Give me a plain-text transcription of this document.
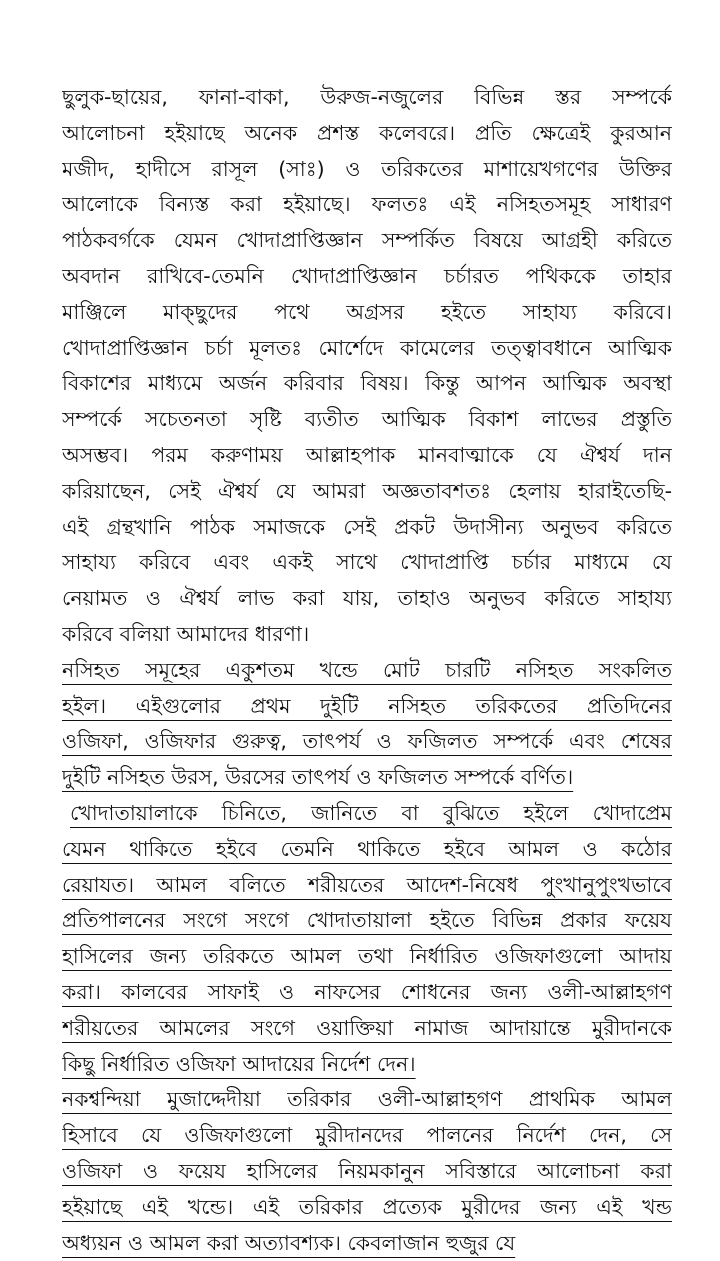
ছুলুক-ছায়ের, ফানা-বাকা, উরুজ-নজুলের বিভিন্ন স্তর সম্পর্কে

আলোচনা হইয়াছে অনেক প্রশস্ত কলেবরে। প্রতি ক্ষেত্রেই কুরআন

মজীদ, হাদীসে রাসূল (সাঃ) ও তরিকতের মাশায়েখগণের উক্তির

আলোকে বিন্যস্ত করা হইয়াছে। ফলতঃ এই নসিহতসমূহ সাধারণ

পাঠকবর্গকে যেমন খোদাপ্রাপ্তিজ্ঞান সম্পর্কিত বিষয়ে আগ্রহী করিতে

অবদান রাখিবে-তেমনি খোদাপ্রাপ্তিজ্ঞান চর্চারত পথিককে তাহার

মাঞ্জিলে মাক্ছুদের পথে অগ্রসর হইতে সাহায্য করিবে।

খোদাপ্রাপ্তিজ্ঞান চর্চা মূলতঃ মোর্শেদে কামেলের তত্ত্বাবধানে আত্মিক

বিকাশের মাধ্যমে অর্জন করিবার বিষয়। কিন্তু আপন আত্মিক অবস্থা

সম্পর্কে সচেতনতা সৃষ্টি ব্যতীত আত্মিক বিকাশ লাভের প্রস্তুতি

অসম্ভব। পরম করুণাময় আল্লাহপাক মানবাত্মাকে যে ঐশ্বর্য দান

করিয়াছেন, সেই ঐশ্বর্য যে আমরা অজ্ঞতাবশতঃ হেলায় হারাইতেছি-

এই গ্রন্থখানি পাঠক সমাজকে সেই প্রকট উদাসীন্য অনুভব করিতে

সাহায্য করিবে এবং একই সাথে খোদাপ্রাপ্তি চর্চার মাধ্যমে যে

নেয়ামত ও ঐশ্বর্য লাভ করা যায়, তাহাও অনুভব করিতে সাহায্য

করিবে বলিয়া আমাদের ধারণা।

নসিহত সমূহের একুশতম খন্ডে মোট চারটি নসিহত সংকলিত

হইল। এইগুলোর প্রথম দুইটি নসিহত তরিকতের প্রতিদিনের

ওজিফা, ওজিফার গুরুত্ব, তাৎপর্য ও ফজিলত সম্পর্কে এবং শেষের

দুইটি নসিহত উরস, উরসের তাৎপর্য ও ফজিলত সম্পর্কে বর্ণিত।

খোদাতায়ালাকে চিনিতে, জানিতে বা বুঝিতে হইলে খোদাপ্রেম

যেমন থাকিতে হইবে তেমনি থাকিতে হইবে আমল ও কঠোর

রেয়াযত। আমল বলিতে শরীয়তের আদেশ-নিষেধ পুংখানুপুংখভাবে

প্রতিপালনের সংগে সংগে খোদাতায়ালা হইতে বিভিন্ন প্রকার ফয়েয

হাসিলের জন্য তরিকতে আমল তথা নির্ধারিত ওজিফাগুলো আদায়

করা। কালবের সাফাই ও নাফসের শোধনের জন্য ওলী-আল্লাহগণ

শরীয়তের আমলের সংগে ওয়াক্তিয়া নামাজ আদায়ান্তে মুরীদানকে

কিছু নির্ধারিত ওজিফা আদায়ের নির্দেশ দেন।

নকশ্বন্দিয়া মুজাদ্দেদীয়া তরিকার ওলী-আল্লাহগণ প্রাথমিক আমল

হিসাবে যে ওজিফাগুলো মুরীদানদের পালনের নির্দেশ দেন, সে

ওজিফা ও ফয়েয হাসিলের নিয়মকানুন সবিস্তারে আলোচনা করা

হইয়াছে এই খন্ডে। এই তরিকার প্রত্যেক মুরীদের জন্য এই খন্ড

অধ্যয়ন ও আমল করা অত্যাবশ্যক। কেবলাজান হুজুর যে
